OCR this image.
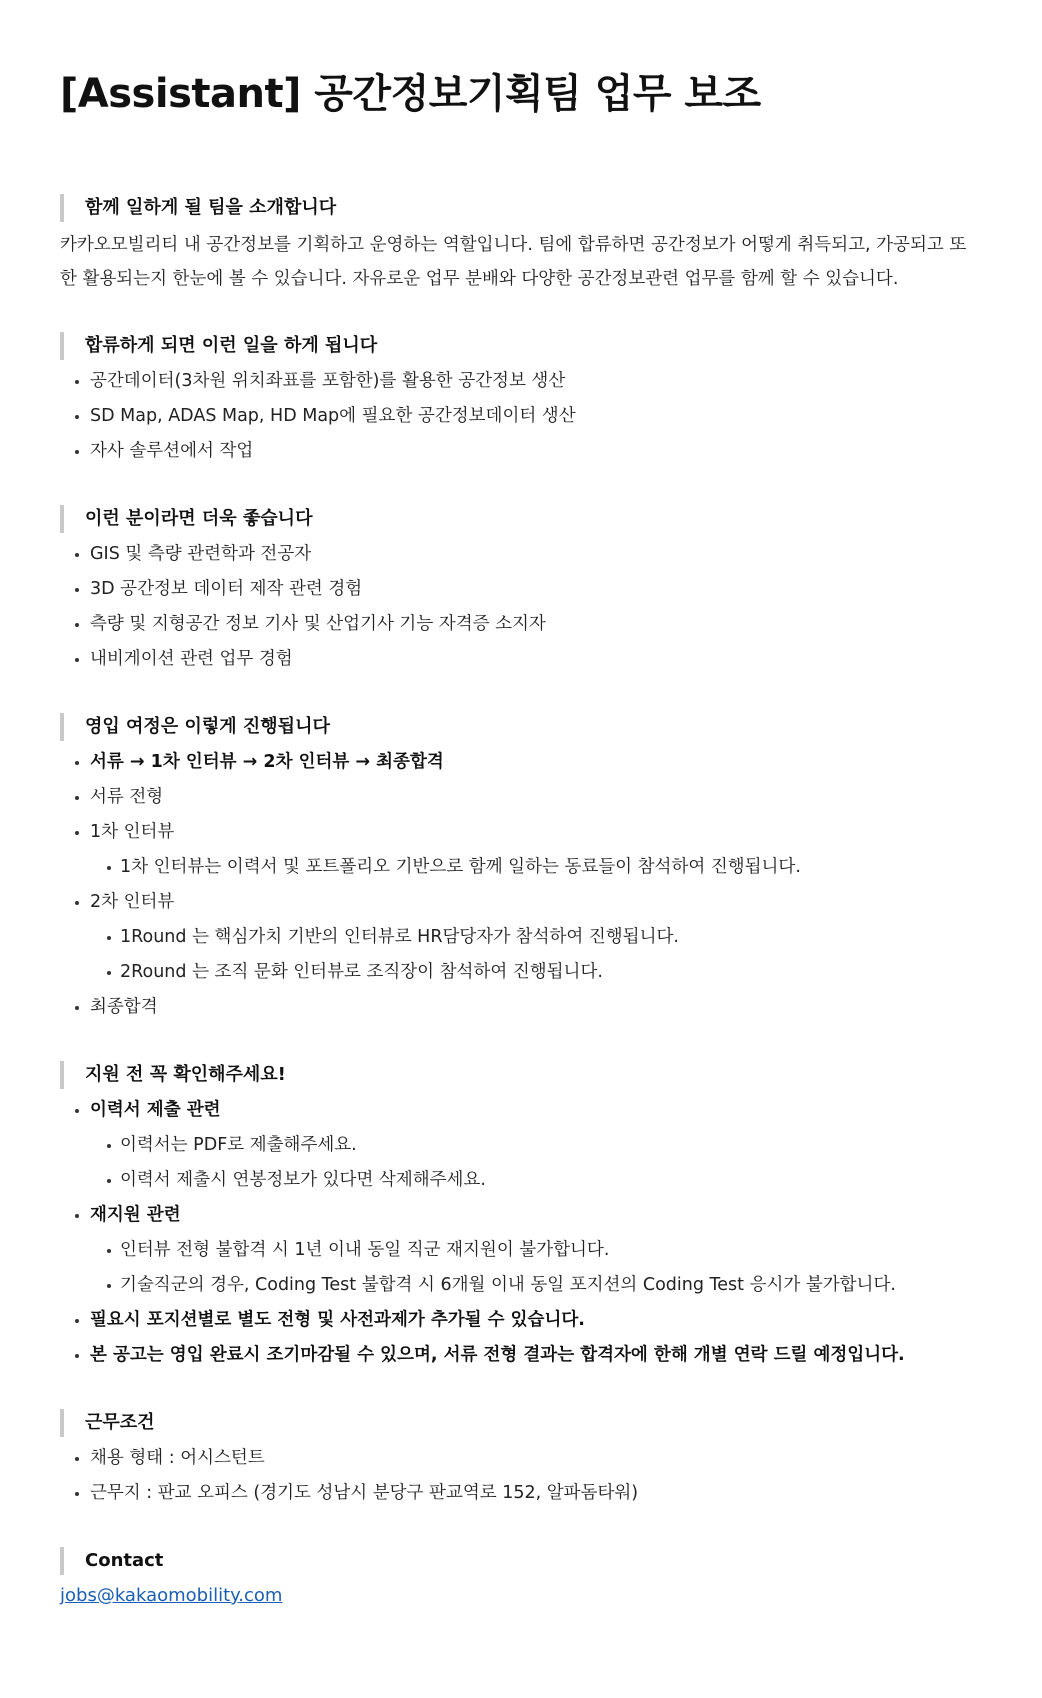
[Assistant] 공간정보기획팀 업무 보조
함께 일하게 될 팀을 소개합니다

카카오모빌리티 내 공간정보를 기획하고 운영하는 역할입니다. 팀에 합류하면 공간정보가 어떻게 취득되고, 가공되고 또한 활용되는지 한눈에 볼 수 있습니다. 자유로운 업무 분배와 다양한 공간정보관련 업무를 함께 할 수 있습니다.

합류하게 되면 이런 일을 하게 됩니다
공간데이터(3차원 위치좌표를 포함한)를 활용한 공간정보 생산
SD Map, ADAS Map, HD Map에 필요한 공간정보데이터 생산
자사 솔루션에서 작업
이런 분이라면 더욱 좋습니다
GIS 및 측량 관련학과 전공자
3D 공간정보 데이터 제작 관련 경험
측량 및 지형공간 정보 기사 및 산업기사 기능 자격증 소지자
내비게이션 관련 업무 경험
영입 여정은 이렇게 진행됩니다
서류 → 1차 인터뷰 → 2차 인터뷰 → 최종합격
서류 전형
1차 인터뷰
1차 인터뷰는 이력서 및 포트폴리오 기반으로 함께 일하는 동료들이 참석하여 진행됩니다.
2차 인터뷰
1Round 는 핵심가치 기반의 인터뷰로 HR담당자가 참석하여 진행됩니다.
2Round 는 조직 문화 인터뷰로 조직장이 참석하여 진행됩니다.
최종합격
지원 전 꼭 확인해주세요!
이력서 제출 관련
이력서는 PDF로 제출해주세요.
이력서 제출시 연봉정보가 있다면 삭제해주세요.
재지원 관련
인터뷰 전형 불합격 시 1년 이내 동일 직군 재지원이 불가합니다.
기술직군의 경우, Coding Test 불합격 시 6개월 이내 동일 포지션의 Coding Test 응시가 불가합니다.
필요시 포지션별로 별도 전형 및 사전과제가 추가될 수 있습니다.
본 공고는 영입 완료시 조기마감될 수 있으며, 서류 전형 결과는 합격자에 한해 개별 연락 드릴 예정입니다.
근무조건
채용 형태 : 어시스턴트
근무지 : 판교 오피스 (경기도 성남시 분당구 판교역로 152, 알파돔타워)
Contact
jobs@kakaomobility.com
